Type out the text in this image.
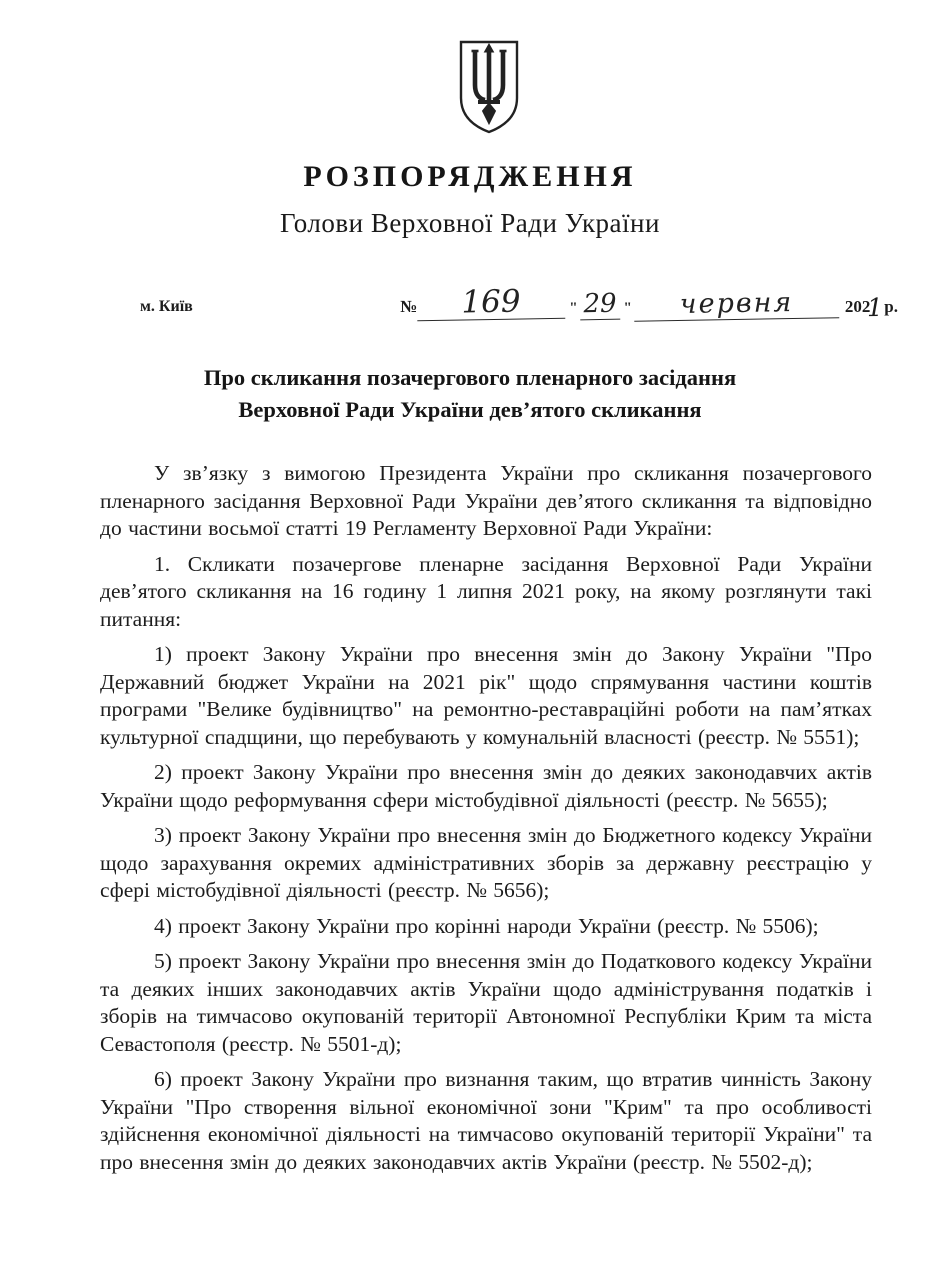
РОЗПОРЯДЖЕННЯ
Голови Верховної Ради України
м. Київ	№	169	" 29 "	червня	202
1 р.
Про скликання позачергового пленарного засідання
Верховної Ради України дев’ятого скликання

У зв’язку з вимогою Президента України про скликання позачергового пленарного засідання Верховної Ради України дев’ятого скликання та відповідно до частини восьмої статті 19 Регламенту Верховної Ради України:

1. Скликати позачергове пленарне засідання Верховної Ради України дев’ятого скликання на 16 годину 1 липня 2021 року, на якому розглянути такі питання:

1) проект Закону України про внесення змін до Закону України "Про Державний бюджет України на 2021 рік" щодо спрямування частини коштів програми "Велике будівництво" на ремонтно-реставраційні роботи на пам’ятках культурної спадщини, що перебувають у комунальній власності (реєстр. № 5551);

2) проект Закону України про внесення змін до деяких законодавчих актів України щодо реформування сфери містобудівної діяльності (реєстр. № 5655);

3) проект Закону України про внесення змін до Бюджетного кодексу України щодо зарахування окремих адміністративних зборів за державну реєстрацію у сфері містобудівної діяльності (реєстр. № 5656);

4) проект Закону України про корінні народи України (реєстр. № 5506);

5) проект Закону України про внесення змін до Податкового кодексу України та деяких інших законодавчих актів України щодо адміністрування податків і зборів на тимчасово окупованій території Автономної Республіки Крим та міста Севастополя (реєстр. № 5501-д);

6) проект Закону України про визнання таким, що втратив чинність Закону України "Про створення вільної економічної зони "Крим" та про особливості здійснення економічної діяльності на тимчасово окупованій території України" та про внесення змін до деяких законодавчих актів України (реєстр. № 5502-д);
